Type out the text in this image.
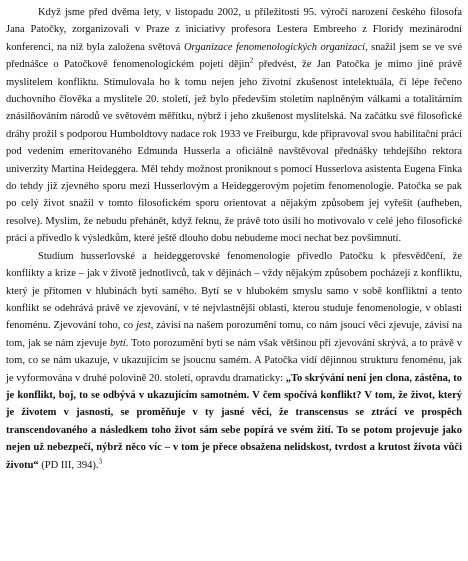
Když jsme před dvěma lety, v listopadu 2002, u příležitosti 95. výročí narození českého filosofa Jana Patočky, zorganizovali v Praze z iniciativy profesora Lestera Embreeho z Floridy mezinárodní konferenci, na níž byla založena světová Organizace fenomenologických organizací, snažil jsem se ve své přednášce o Patočkově fenomenologickém pojetí dějin$^2$ předvést, že Jan Patočka je mimo jiné právě myslitelem konfliktu. Stimulovala ho k tomu nejen jeho životní zkušenost intelektuála, či lépe řečeno duchovního člověka a myslitele 20. století, jež bylo především stoletím naplněným válkami a totalitárním znásilňováním národů ve světovém měřítku, nýbrž i jeho zkušenost myslitelská. Na začátku své filosofické dráhy prožil s podporou Humboldtovy nadace rok 1933 ve Freiburgu, kde připravoval svou habilitační práci pod vedením emeritovaného Edmunda Husserla a oficiálně navštěvoval přednášky tehdejšího rektora univerzity Martina Heideggera. Měl tehdy možnost proniknout s pomocí Husserlova asistenta Eugena Finka do tehdy již zjevného sporu mezi Husserlovým a Heideggerovým pojetím fenomenologie. Patočka se pak po celý život snažil v tomto filosofickém sporu orientovat a nějakým způsobem jej vyřešit (aufheben, resolve). Myslím, že nebudu přehánět, když řeknu, že právě toto úsilí ho motivovalo v celé jeho filosofické práci a přivedlo k výsledkům, které ještě dlouho dobu nebudeme moci nechat bez povšimnutí.

Studium husserlovské a heideggerovské fenomenologie přivedlo Patočku k přesvědčení, že konflikty a krize – jak v životě jednotlivců, tak v dějinách – vždy nějakým způsobem pocházejí z konfliktu, který je přítomen v hlubinách bytí samého. Bytí se v hlubokém smyslu samo v sobě konfliktní a tento konflikt se odehrává právě ve zjevování, v té nejvlastnější oblasti, kterou studuje fenomenologie, v oblasti fenoménu. Zjevování toho, co jest, závisí na našem porozumění tomu, co nám jsoucí věci zjevuje, závisí na tom, jak se nám zjevuje bytí. Toto porozumění bytí se nám však většinou při zjevování skrývá, a to právě v tom, co se nám ukazuje, v ukazujícím se jsoucnu samém. A Patočka vidí dějinnou strukturu fenoménu, jak je vyformována v druhé polovině 20. století, opravdu dramaticky: „To skrývání není jen clona, zástěna, to je konflikt, boj, to se odbývá v ukazujícím samotném. V čem spočívá konflikt? V tom, že život, který je životem v jasnosti, se proměňuje v ty jasné věci, že transcensus se ztrácí ve prospěch transcendovaného a následkem toho život sám sebe popírá ve svém žití. To se potom projevuje jako nejen už nebezpečí, nýbrž něco víc – v tom je přece obsažena nelidskost, tvrdost a krutost života vůči životu“ (PD III, 394).$^3$
